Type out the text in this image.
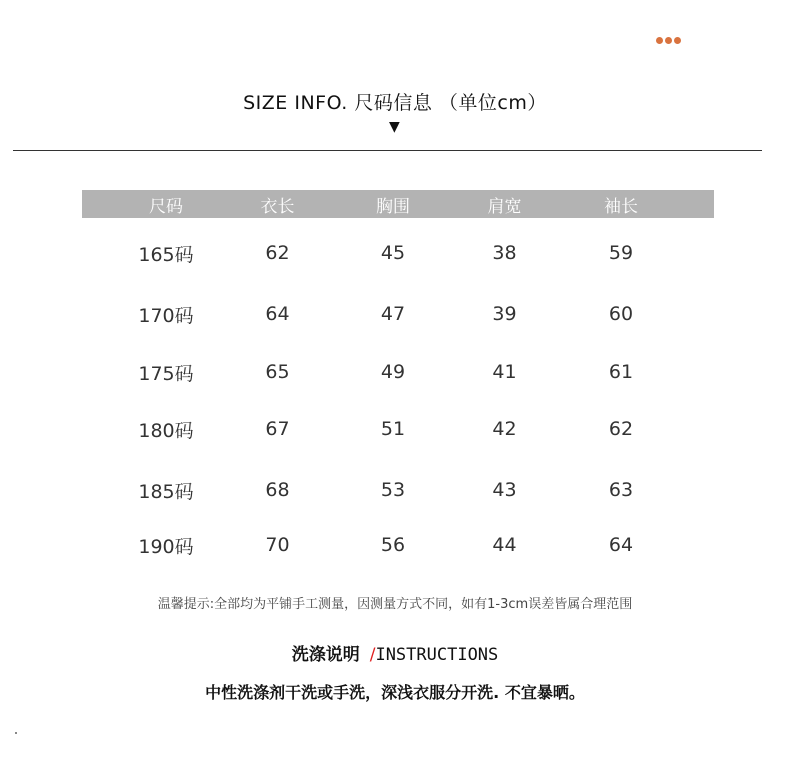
SIZE INFO. 尺码信息 （单位cm）
▼
尺码	衣长	胸围	肩宽	袖长
165码	62	45	38	59
170码	64	47	39	60
175码	65	49	41	61
180码	67	51	42	62
185码	68	53	43	63
190码	70	56	44	64
温馨提示:全部均为平铺手工测量，因测量方式不同，如有1-3cm误差皆属合理范围
洗涤说明 /INSTRUCTIONS
中性洗涤剂干洗或手洗，深浅衣服分开洗. 不宜暴晒。
